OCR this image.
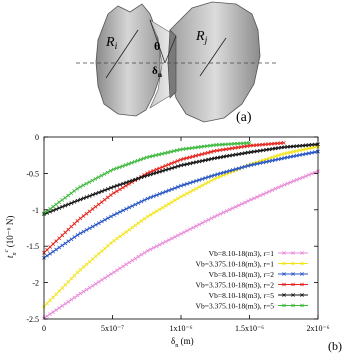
$R_i$
$R_j$
θ
$\delta_n$
(a)
0
-0.5
-1
-1.5
-2
-2.5
0	5x10⁻⁷	1x10⁻⁶	1.5x10⁻⁶	2x10⁻⁶
$t_n^c$ (10⁻⁶ N)
$\delta_n$ (m)	(b)
Vb=8.10-18(m3), r=1
Vb=3.375.10-18(m3), r=1
Vb=8.10-18(m3), r=2
Vb=3.375.10-18(m3), r=2
Vb=8.10-18(m3), r=5
Vb=3.375.10-18(m3), r=5
